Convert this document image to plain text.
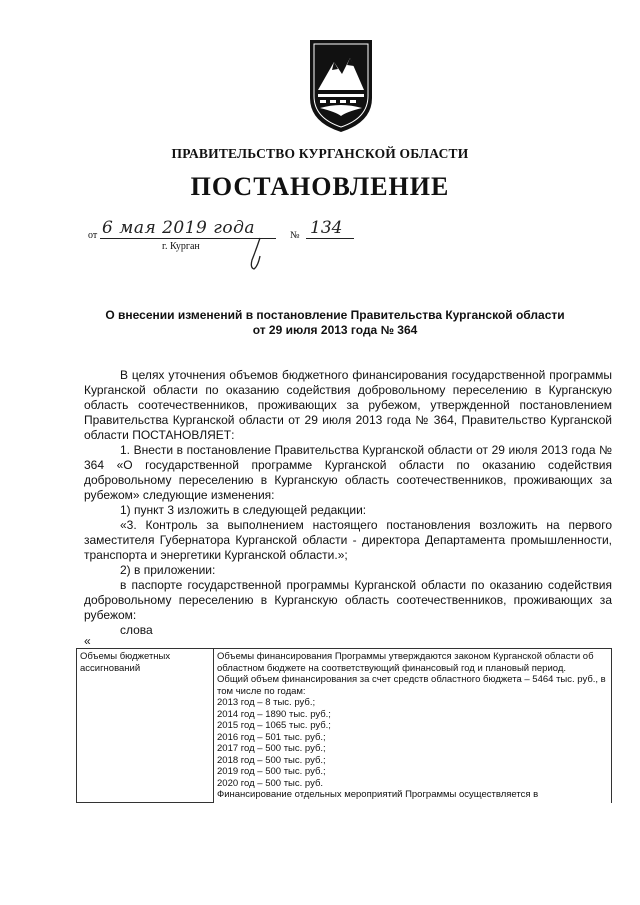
ПРАВИТЕЛЬСТВО КУРГАНСКОЙ ОБЛАСТИ
ПОСТАНОВЛЕНИЕ
от 6 мая 2019 года	№ 134
г. Курган
О внесении изменений в постановление Правительства Курганской области
от 29 июля 2013 года № 364

В целях уточнения объемов бюджетного финансирования государственной программы Курганской области по оказанию содействия добровольному переселению в Курганскую область соотечественников, проживающих за рубежом, утвержденной постановлением Правительства Курганской области от 29 июля 2013 года № 364, Правительство Курганской области ПОСТАНОВЛЯЕТ:

1. Внести в постановление Правительства Курганской области от 29 июля 2013 года № 364 «О государственной программе Курганской области по оказанию содействия добровольному переселению в Курганскую область соотечественников, проживающих за рубежом» следующие изменения:

1) пункт 3 изложить в следующей редакции:

«3. Контроль за выполнением настоящего постановления возложить на первого заместителя Губернатора Курганской области - директора Департамента промышленности, транспорта и энергетики Курганской области.»;

2) в приложении:

в паспорте государственной программы Курганской области по оказанию содействия добровольному переселению в Курганскую область соотечественников, проживающих за рубежом:

слова

«
Объемы бюджетных ассигнований	
Объемы финансирования Программы утверждаются законом Курганской области об областном бюджете на соответствующий финансовый год и плановый период.
Общий объем финансирования за счет средств областного бюджета – 5464 тыс. руб., в том числе по годам:
2013 год – 8 тыс. руб.;
2014 год – 1890 тыс. руб.;
2015 год – 1065 тыс. руб.;
2016 год – 501 тыс. руб.;
2017 год – 500 тыс. руб.;
2018 год – 500 тыс. руб.;
2019 год – 500 тыс. руб.;
2020 год – 500 тыс. руб.
Финансирование отдельных мероприятий Программы осуществляется в
